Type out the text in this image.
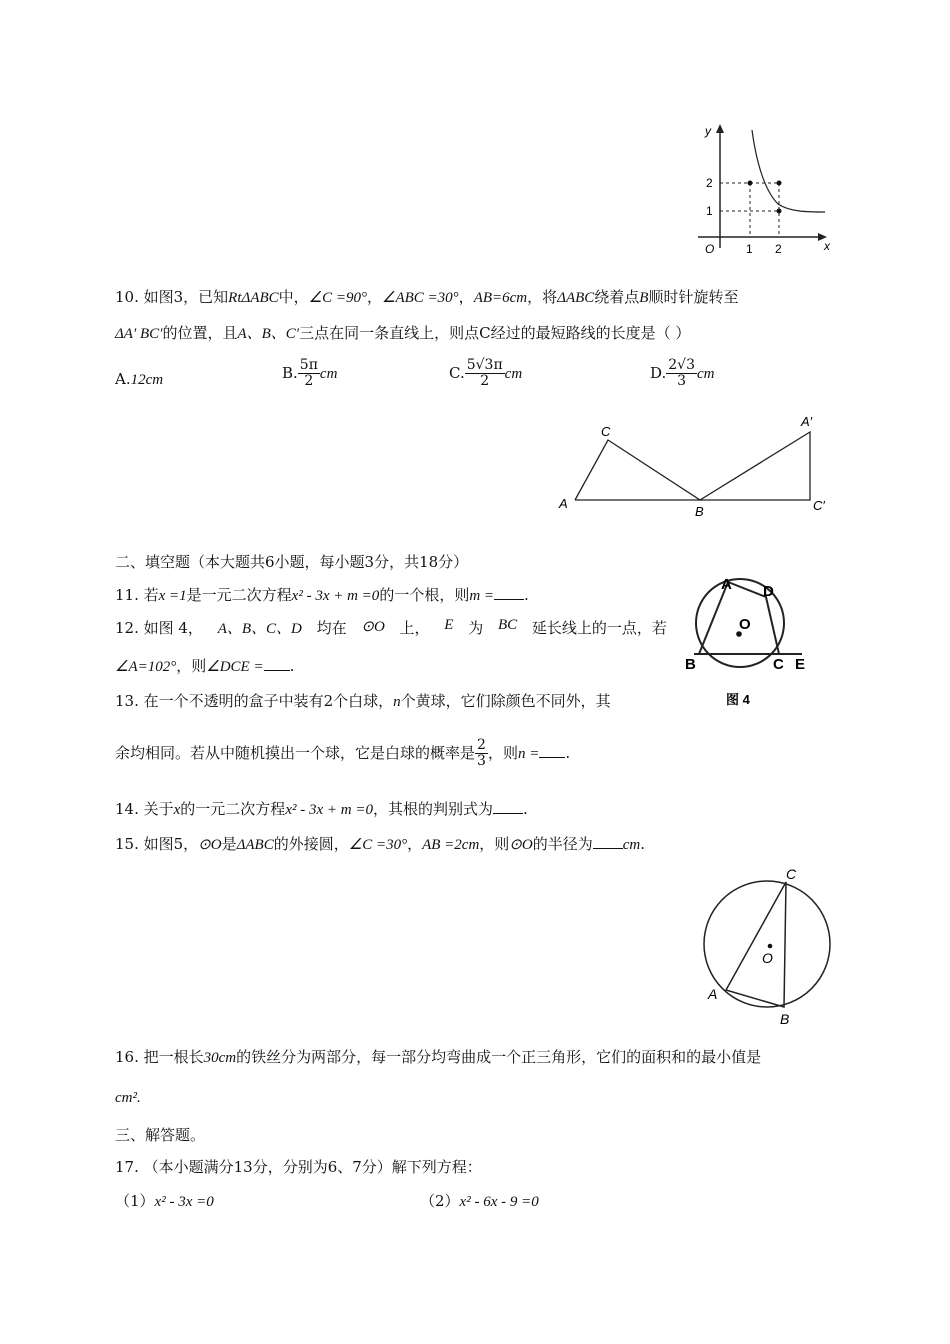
y
x
O
2
1
1 2
10. 如图3，已知RtΔABC中，∠C =90°，∠ABC =30°，AB=6cm，将ΔABC绕着点B顺时针旋转至
ΔA′ BC′的位置，且A、B、C′三点在同一条直线上，则点C经过的最短路线的长度是（ ）
A.12cm	B. $\frac{5\pi}{2}$ cm	C. $\frac{5√3\pi}{2}$ cm	D. $\frac{2√3}{3}$ cm
A
C
B
A′
C′
二、填空题（本大题共6小题，每小题3分，共18分）
11. 若x =1是一元二次方程x² - 3x + m =0的一个根，则m = .
12. 如图 4， A、B、C、D 均在 ⊙O 上， E 为 BC 延长线上的一点，若
∠A=102°，则∠DCE = .
A D
O
B	C E
图 4
13. 在一个不透明的盒子中装有2个白球，n个黄球，它们除颜色不同外，其
余均相同。若从中随机摸出一个球，它是白球的概率是 $\frac{2}{3}$ ，则n = .
14. 关于x的一元二次方程x² - 3x + m =0，其根的判别式为 .
15. 如图5，⊙O是ΔABC的外接圆，∠C =30°，AB =2cm，则⊙O的半径为 cm.
C
O
A
B
16. 把一根长30cm的铁丝分为两部分，每一部分均弯曲成一个正三角形，它们的面积和的最小值是
cm².
三、解答题。
17. （本小题满分13分，分别为6、7分）解下列方程：
（1）x² - 3x =0	（2）x² - 6x - 9 =0
